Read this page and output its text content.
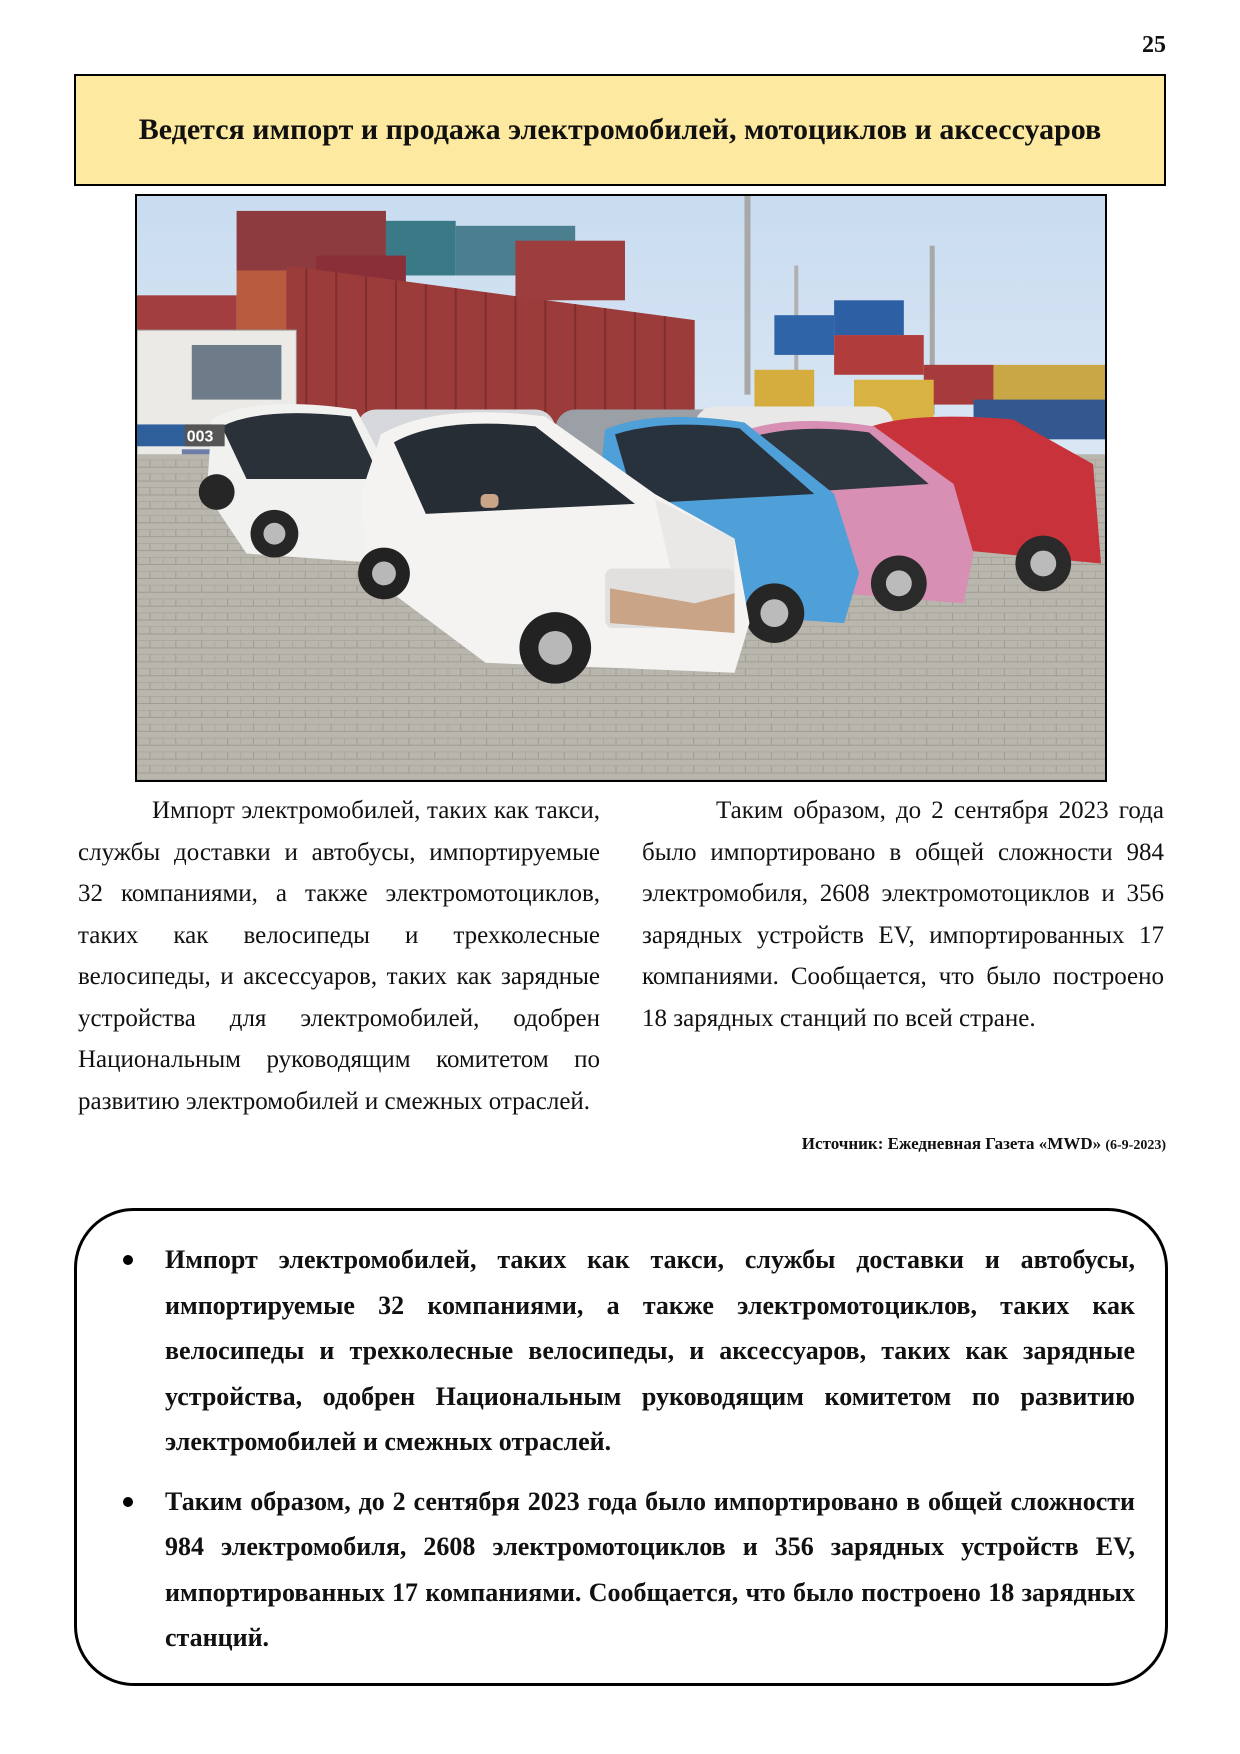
25
Ведется импорт и продажа электромобилей, мотоциклов и аксессуаров
003

Импорт электромобилей, таких как такси, службы доставки и автобусы, импортируемые 32 компаниями, а также электромотоциклов, таких как велосипеды и трехколесные велосипеды, и аксессуаров, таких как зарядные устройства для электромобилей, одобрен Национальным руководящим комитетом по развитию электромобилей и смежных отраслей.

Таким образом, до 2 сентября 2023 года было импортировано в общей сложности 984 электромобиля, 2608 электромотоциклов и 356 зарядных устройств EV, импортированных 17 компаниями. Сообщается, что было построено 18 зарядных станций по всей стране.

Источник: Ежедневная Газета «MWD» (6-9-2023)
Импорт электромобилей, таких как такси, службы доставки и автобусы, импортируемые 32 компаниями, а также электромотоциклов, таких как велосипеды и трехколесные велосипеды, и аксессуаров, таких как зарядные устройства, одобрен Национальным руководящим комитетом по развитию электромобилей и смежных отраслей.
Таким образом, до 2 сентября 2023 года было импортировано в общей сложности 984 электромобиля, 2608 электромотоциклов и 356 зарядных устройств EV, импортированных 17 компаниями. Сообщается, что было построено 18 зарядных станций.
